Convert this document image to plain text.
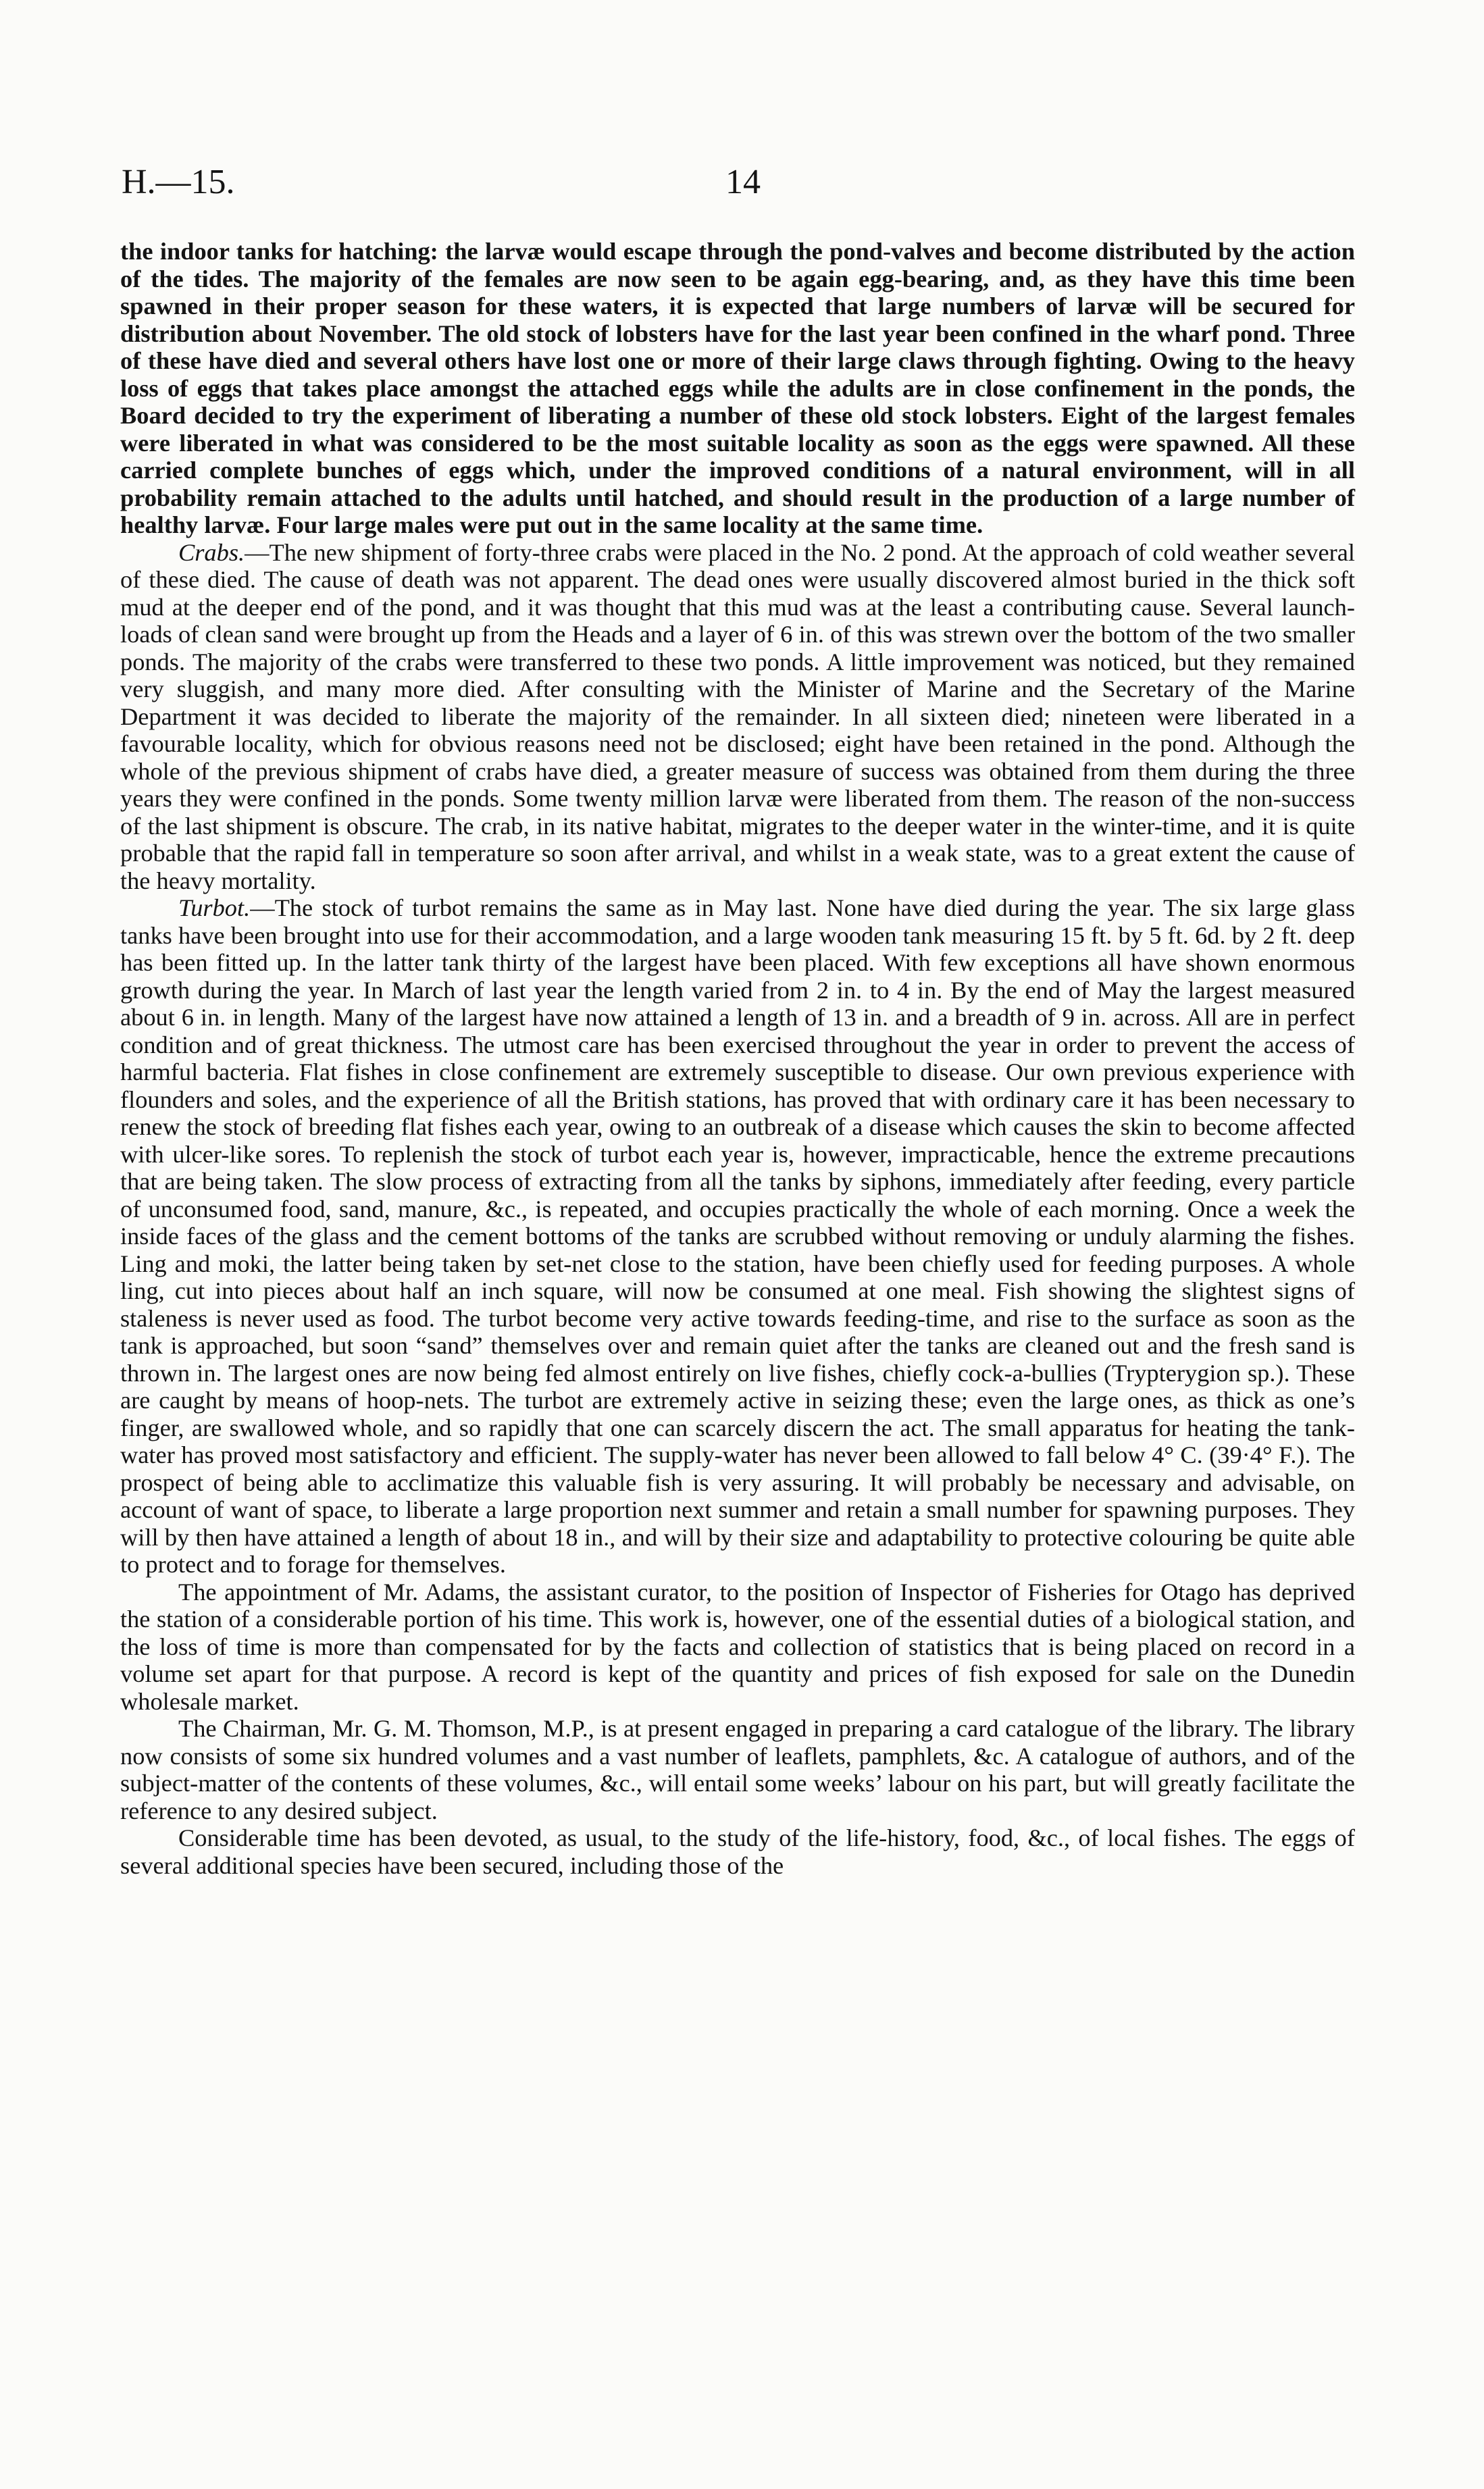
H.—15.	14

the indoor tanks for hatching: the larvæ would escape through the pond-valves and become distributed by the action of the tides. The majority of the females are now seen to be again egg-bearing, and, as they have this time been spawned in their proper season for these waters, it is expected that large numbers of larvæ will be secured for distribution about November. The old stock of lobsters have for the last year been confined in the wharf pond. Three of these have died and several others have lost one or more of their large claws through fighting. Owing to the heavy loss of eggs that takes place amongst the attached eggs while the adults are in close confinement in the ponds, the Board decided to try the experiment of liberating a number of these old stock lobsters. Eight of the largest females were liberated in what was considered to be the most suitable locality as soon as the eggs were spawned. All these carried complete bunches of eggs which, under the improved conditions of a natural environment, will in all probability remain attached to the adults until hatched, and should result in the production of a large number of healthy larvæ. Four large males were put out in the same locality at the same time.

Crabs.—The new shipment of forty-three crabs were placed in the No. 2 pond. At the approach of cold weather several of these died. The cause of death was not apparent. The dead ones were usually discovered almost buried in the thick soft mud at the deeper end of the pond, and it was thought that this mud was at the least a contributing cause. Several launch-loads of clean sand were brought up from the Heads and a layer of 6 in. of this was strewn over the bottom of the two smaller ponds. The majority of the crabs were transferred to these two ponds. A little improvement was noticed, but they remained very sluggish, and many more died. After consulting with the Minister of Marine and the Secretary of the Marine Department it was decided to liberate the majority of the remainder. In all sixteen died; nineteen were liberated in a favourable locality, which for obvious reasons need not be disclosed; eight have been retained in the pond. Although the whole of the previous shipment of crabs have died, a greater measure of success was obtained from them during the three years they were confined in the ponds. Some twenty million larvæ were liberated from them. The reason of the non-success of the last shipment is obscure. The crab, in its native habitat, migrates to the deeper water in the winter-time, and it is quite probable that the rapid fall in temperature so soon after arrival, and whilst in a weak state, was to a great extent the cause of the heavy mortality.

Turbot.—The stock of turbot remains the same as in May last. None have died during the year. The six large glass tanks have been brought into use for their accommodation, and a large wooden tank measuring 15 ft. by 5 ft. 6d. by 2 ft. deep has been fitted up. In the latter tank thirty of the largest have been placed. With few exceptions all have shown enormous growth during the year. In March of last year the length varied from 2 in. to 4 in. By the end of May the largest measured about 6 in. in length. Many of the largest have now attained a length of 13 in. and a breadth of 9 in. across. All are in perfect condition and of great thickness. The utmost care has been exercised throughout the year in order to prevent the access of harmful bacteria. Flat fishes in close confinement are extremely susceptible to disease. Our own previous experience with flounders and soles, and the experience of all the British stations, has proved that with ordinary care it has been necessary to renew the stock of breeding flat fishes each year, owing to an outbreak of a disease which causes the skin to become affected with ulcer-like sores. To replenish the stock of turbot each year is, however, impracticable, hence the extreme precautions that are being taken. The slow process of extracting from all the tanks by siphons, immediately after feeding, every particle of unconsumed food, sand, manure, &c., is repeated, and occupies practically the whole of each morning. Once a week the inside faces of the glass and the cement bottoms of the tanks are scrubbed without removing or unduly alarming the fishes. Ling and moki, the latter being taken by set-net close to the station, have been chiefly used for feeding purposes. A whole ling, cut into pieces about half an inch square, will now be consumed at one meal. Fish showing the slightest signs of staleness is never used as food. The turbot become very active towards feeding-time, and rise to the surface as soon as the tank is approached, but soon “sand” themselves over and remain quiet after the tanks are cleaned out and the fresh sand is thrown in. The largest ones are now being fed almost entirely on live fishes, chiefly cock-a-bullies (Trypterygion sp.). These are caught by means of hoop-nets. The turbot are extremely active in seizing these; even the large ones, as thick as one’s finger, are swallowed whole, and so rapidly that one can scarcely discern the act. The small apparatus for heating the tank-water has proved most satisfactory and efficient. The supply-water has never been allowed to fall below 4° C. (39·4° F.). The prospect of being able to acclimatize this valuable fish is very assuring. It will probably be necessary and advisable, on account of want of space, to liberate a large proportion next summer and retain a small number for spawning purposes. They will by then have attained a length of about 18 in., and will by their size and adaptability to protective colouring be quite able to protect and to forage for themselves.

The appointment of Mr. Adams, the assistant curator, to the position of Inspector of Fisheries for Otago has deprived the station of a considerable portion of his time. This work is, however, one of the essential duties of a biological station, and the loss of time is more than compensated for by the facts and collection of statistics that is being placed on record in a volume set apart for that purpose. A record is kept of the quantity and prices of fish exposed for sale on the Dunedin wholesale market.

The Chairman, Mr. G. M. Thomson, M.P., is at present engaged in preparing a card catalogue of the library. The library now consists of some six hundred volumes and a vast number of leaflets, pamphlets, &c. A catalogue of authors, and of the subject-matter of the contents of these volumes, &c., will entail some weeks’ labour on his part, but will greatly facilitate the reference to any desired subject.

Considerable time has been devoted, as usual, to the study of the life-history, food, &c., of local fishes. The eggs of several additional species have been secured, including those of the
